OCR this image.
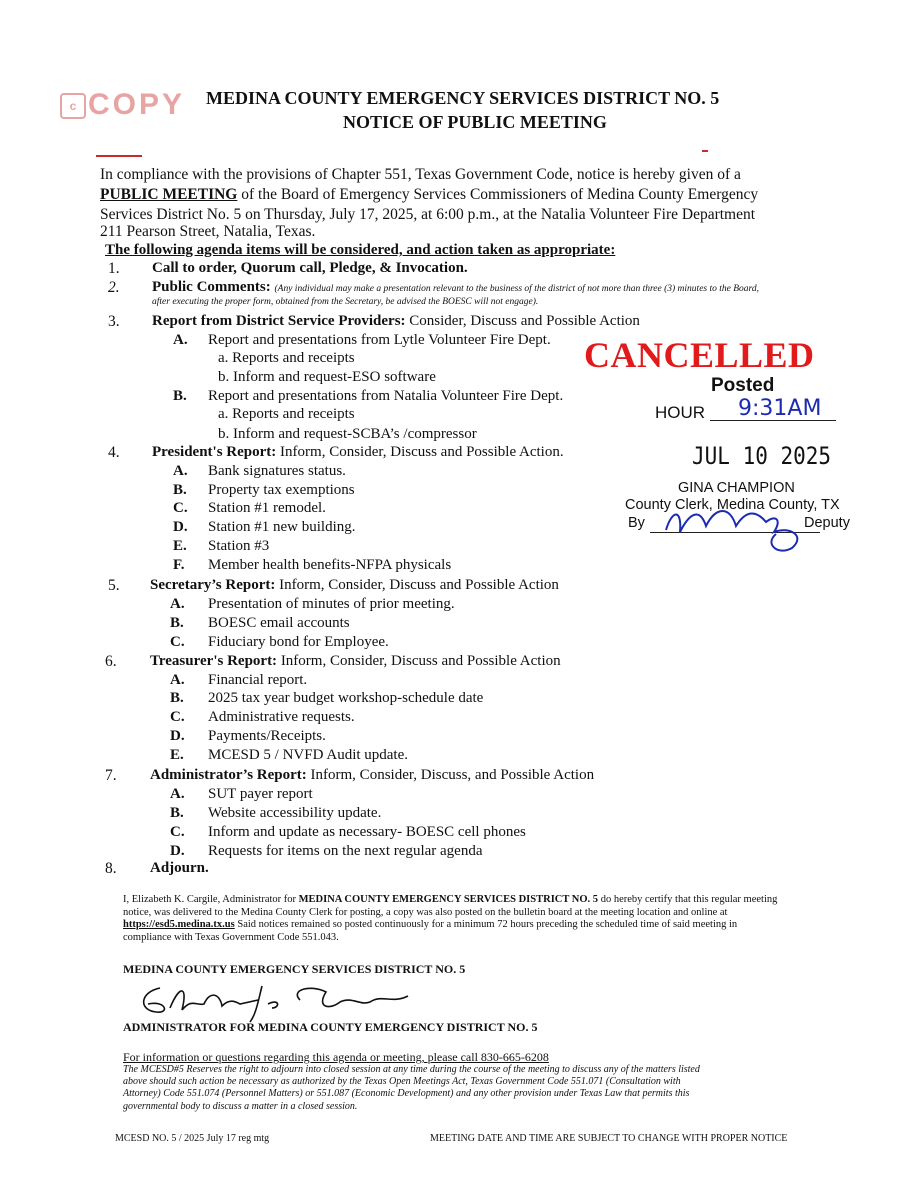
c COPY MEDINA COUNTY EMERGENCY SERVICES DISTRICT NO. 5
NOTICE OF PUBLIC MEETING
In compliance with the provisions of Chapter 551, Texas Government Code, notice is hereby given of a
PUBLIC MEETING of the Board of Emergency Services Commissioners of Medina County Emergency
Services District No. 5 on Thursday, July 17, 2025, at 6:00 p.m., at the Natalia Volunteer Fire Department
211 Pearson Street, Natalia, Texas.
The following agenda items will be considered, and action taken as appropriate:
1. Call to order, Quorum call, Pledge, & Invocation.
2. Public Comments: (Any individual may make a presentation relevant to the business of the district of not more than three (3) minutes to the Board,
after executing the proper form, obtained from the Secretary, be advised the BOESC will not engage).
3. Report from District Service Providers: Consider, Discuss and Possible Action
A. Report and presentations from Lytle Volunteer Fire Dept.
a. Reports and receipts
b. Inform and request-ESO software
B. Report and presentations from Natalia Volunteer Fire Dept.
a. Reports and receipts
b. Inform and request-SCBA’s /compressor
4. President's Report: Inform, Consider, Discuss and Possible Action.
A. Bank signatures status.
B. Property tax exemptions
C. Station #1 remodel.
D. Station #1 new building.
E. Station #3
F. Member health benefits-NFPA physicals
5. Secretary’s Report: Inform, Consider, Discuss and Possible Action
A. Presentation of minutes of prior meeting.
B. BOESC email accounts
C. Fiduciary bond for Employee.
6. Treasurer's Report: Inform, Consider, Discuss and Possible Action
A. Financial report.
B. 2025 tax year budget workshop-schedule date
C. Administrative requests.
D. Payments/Receipts.
E. MCESD 5 / NVFD Audit update.
7. Administrator’s Report: Inform, Consider, Discuss, and Possible Action
A. SUT payer report
B. Website accessibility update.
C. Inform and update as necessary- BOESC cell phones
D. Requests for items on the next regular agenda
8. Adjourn.
CANCELLED
Posted
HOUR 9:31AM
JUL 10 2025
GINA CHAMPION
County Clerk, Medina County, TX
By	Deputy
I, Elizabeth K. Cargile, Administrator for MEDINA COUNTY EMERGENCY SERVICES DISTRICT NO. 5 do hereby certify that this regular meeting
notice, was delivered to the Medina County Clerk for posting, a copy was also posted on the bulletin board at the meeting location and online at
https://esd5.medina.tx.us Said notices remained so posted continuously for a minimum 72 hours preceding the scheduled time of said meeting in
compliance with Texas Government Code 551.043.
MEDINA COUNTY EMERGENCY SERVICES DISTRICT NO. 5
ADMINISTRATOR FOR MEDINA COUNTY EMERGENCY DISTRICT NO. 5
For information or questions regarding this agenda or meeting, please call 830-665-6208
The MCESD#5 Reserves the right to adjourn into closed session at any time during the course of the meeting to discuss any of the matters listed
above should such action be necessary as authorized by the Texas Open Meetings Act, Texas Government Code 551.071 (Consultation with
Attorney) Code 551.074 (Personnel Matters) or 551.087 (Economic Development) and any other provision under Texas Law that permits this
governmental body to discuss a matter in a closed session.
MCESD NO. 5 / 2025 July 17 reg mtg	MEETING DATE AND TIME ARE SUBJECT TO CHANGE WITH PROPER NOTICE
